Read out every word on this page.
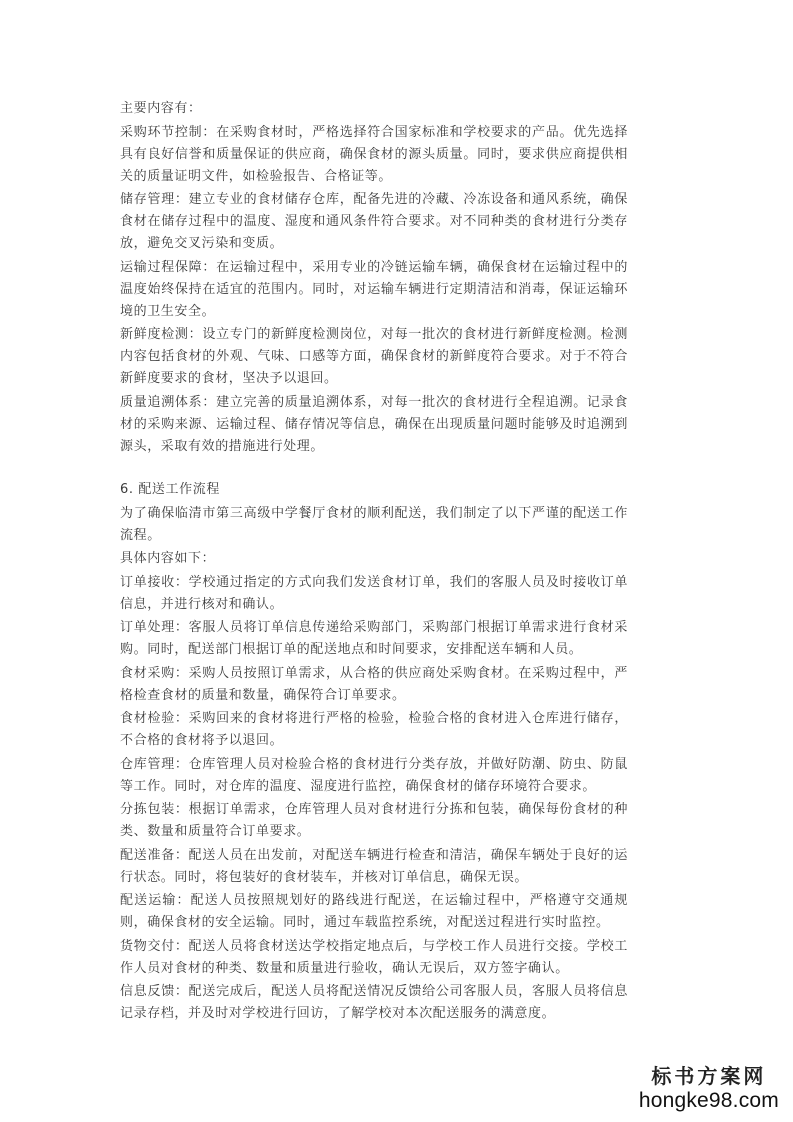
主要内容有：

采购环节控制：在采购食材时，严格选择符合国家标准和学校要求的产品。优先选择具有良好信誉和质量保证的供应商，确保食材的源头质量。同时，要求供应商提供相关的质量证明文件，如检验报告、合格证等。

储存管理：建立专业的食材储存仓库，配备先进的冷藏、冷冻设备和通风系统，确保食材在储存过程中的温度、湿度和通风条件符合要求。对不同种类的食材进行分类存放，避免交叉污染和变质。

运输过程保障：在运输过程中，采用专业的冷链运输车辆，确保食材在运输过程中的温度始终保持在适宜的范围内。同时，对运输车辆进行定期清洁和消毒，保证运输环境的卫生安全。

新鲜度检测：设立专门的新鲜度检测岗位，对每一批次的食材进行新鲜度检测。检测内容包括食材的外观、气味、口感等方面，确保食材的新鲜度符合要求。对于不符合新鲜度要求的食材，坚决予以退回。

质量追溯体系：建立完善的质量追溯体系，对每一批次的食材进行全程追溯。记录食材的采购来源、运输过程、储存情况等信息，确保在出现质量问题时能够及时追溯到源头，采取有效的措施进行处理。

6. 配送工作流程

为了确保临清市第三高级中学餐厅食材的顺利配送，我们制定了以下严谨的配送工作流程。

具体内容如下：

订单接收：学校通过指定的方式向我们发送食材订单，我们的客服人员及时接收订单信息，并进行核对和确认。

订单处理：客服人员将订单信息传递给采购部门，采购部门根据订单需求进行食材采购。同时，配送部门根据订单的配送地点和时间要求，安排配送车辆和人员。

食材采购：采购人员按照订单需求，从合格的供应商处采购食材。在采购过程中，严格检查食材的质量和数量，确保符合订单要求。

食材检验：采购回来的食材将进行严格的检验，检验合格的食材进入仓库进行储存，不合格的食材将予以退回。

仓库管理：仓库管理人员对检验合格的食材进行分类存放，并做好防潮、防虫、防鼠等工作。同时，对仓库的温度、湿度进行监控，确保食材的储存环境符合要求。

分拣包装：根据订单需求，仓库管理人员对食材进行分拣和包装，确保每份食材的种类、数量和质量符合订单要求。

配送准备：配送人员在出发前，对配送车辆进行检查和清洁，确保车辆处于良好的运行状态。同时，将包装好的食材装车，并核对订单信息，确保无误。

配送运输：配送人员按照规划好的路线进行配送，在运输过程中，严格遵守交通规则，确保食材的安全运输。同时，通过车载监控系统，对配送过程进行实时监控。

货物交付：配送人员将食材送达学校指定地点后，与学校工作人员进行交接。学校工作人员对食材的种类、数量和质量进行验收，确认无误后，双方签字确认。

信息反馈：配送完成后，配送人员将配送情况反馈给公司客服人员，客服人员将信息记录存档，并及时对学校进行回访，了解学校对本次配送服务的满意度。

标书方案网
hongke98.com
